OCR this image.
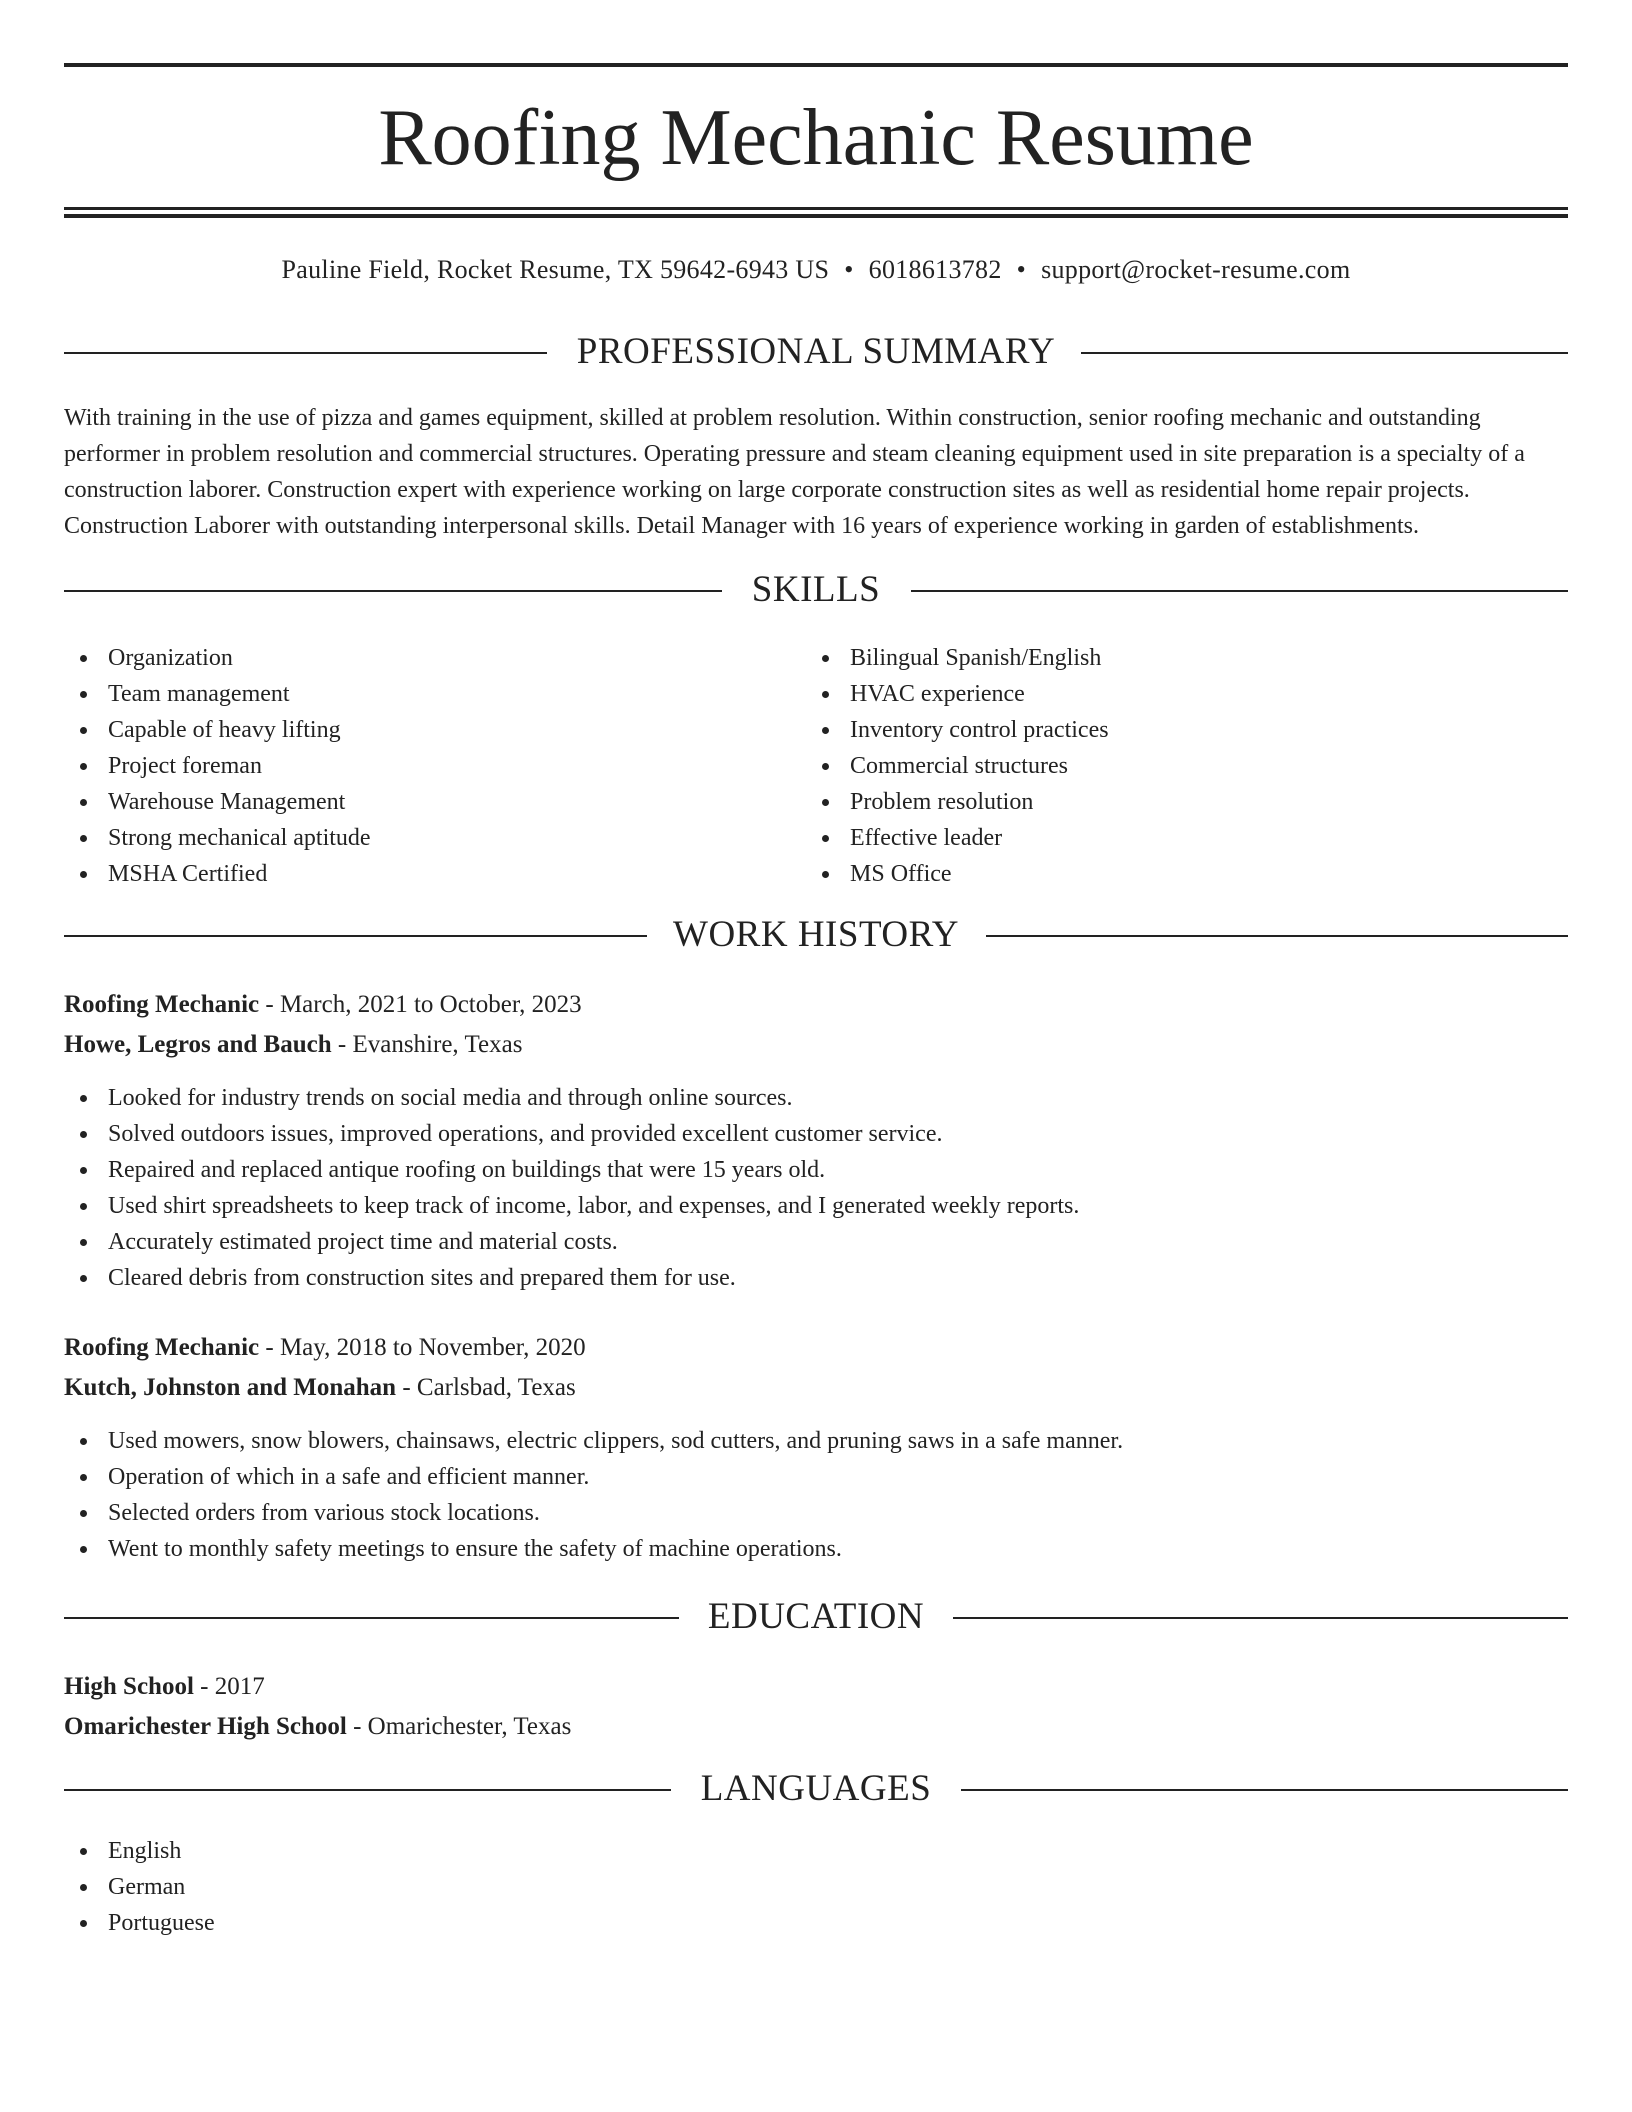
Roofing Mechanic Resume
Pauline Field, Rocket Resume, TX 59642-6943 US • 6018613782 • support@rocket-resume.com
PROFESSIONAL SUMMARY

With training in the use of pizza and games equipment, skilled at problem resolution. Within construction, senior roofing mechanic and outstanding performer in problem resolution and commercial structures. Operating pressure and steam cleaning equipment used in site preparation is a specialty of a construction laborer. Construction expert with experience working on large corporate construction sites as well as residential home repair projects. Construction Laborer with outstanding interpersonal skills. Detail Manager with 16 years of experience working in garden of establishments.

SKILLS
Organization
Team management
Capable of heavy lifting
Project foreman
Warehouse Management
Strong mechanical aptitude
MSHA Certified
Bilingual Spanish/English
HVAC experience
Inventory control practices
Commercial structures
Problem resolution
Effective leader
MS Office
WORK HISTORY
Roofing Mechanic - March, 2021 to October, 2023
Howe, Legros and Bauch - Evanshire, Texas
Looked for industry trends on social media and through online sources.
Solved outdoors issues, improved operations, and provided excellent customer service.
Repaired and replaced antique roofing on buildings that were 15 years old.
Used shirt spreadsheets to keep track of income, labor, and expenses, and I generated weekly reports.
Accurately estimated project time and material costs.
Cleared debris from construction sites and prepared them for use.
Roofing Mechanic - May, 2018 to November, 2020
Kutch, Johnston and Monahan - Carlsbad, Texas
Used mowers, snow blowers, chainsaws, electric clippers, sod cutters, and pruning saws in a safe manner.
Operation of which in a safe and efficient manner.
Selected orders from various stock locations.
Went to monthly safety meetings to ensure the safety of machine operations.
EDUCATION
High School - 2017
Omarichester High School - Omarichester, Texas
LANGUAGES
English
German
Portuguese
